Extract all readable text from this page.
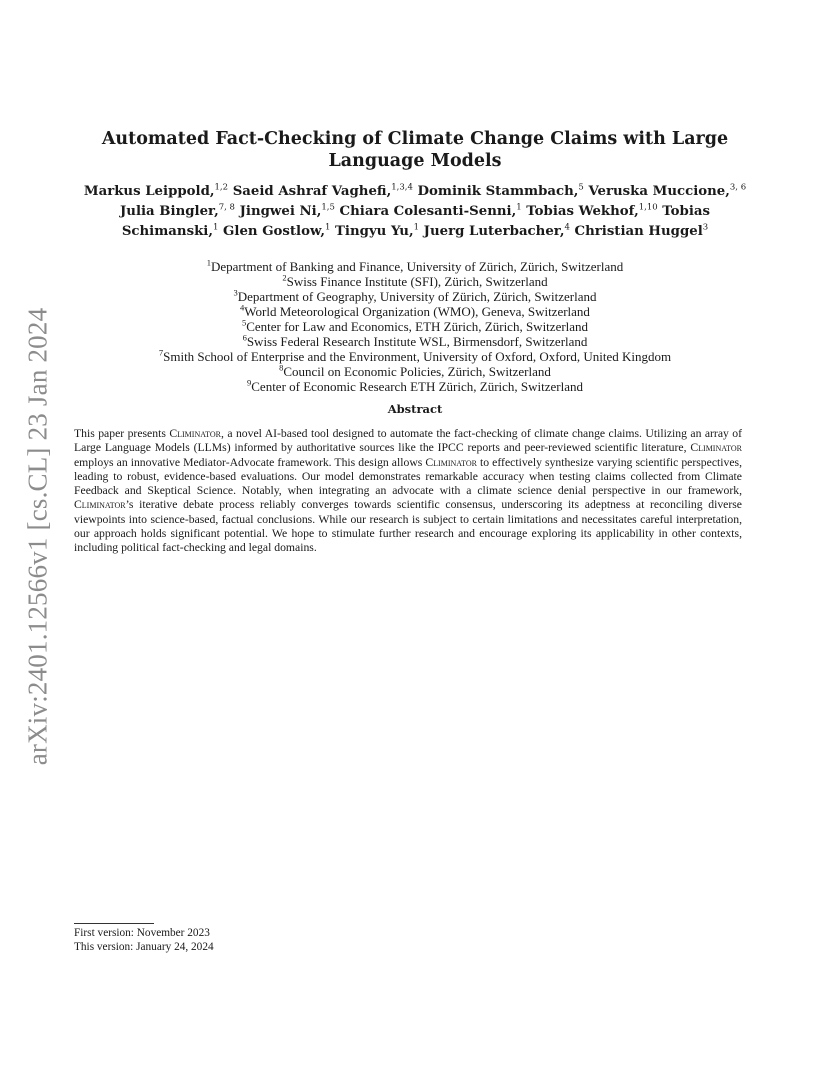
arXiv:2401.12566v1 [cs.CL] 23 Jan 2024
Automated Fact-Checking of Climate Change Claims with Large Language Models
Markus Leippold,$^{1,2}$ Saeid Ashraf Vaghefi,$^{1,3,4}$ Dominik Stammbach,$^5$ Veruska Muccione,$^{3, 6}$ Julia Bingler,$^{7, 8}$ Jingwei Ni,$^{1,5}$ Chiara Colesanti-Senni,$^1$ Tobias Wekhof,$^{1,10}$ Tobias Schimanski,$^1$ Glen Gostlow,$^1$ Tingyu Yu,$^1$ Juerg Luterbacher,$^4$ Christian Huggel$^3$
$^1$Department of Banking and Finance, University of Zürich, Zürich, Switzerland
$^2$Swiss Finance Institute (SFI), Zürich, Switzerland
$^3$Department of Geography, University of Zürich, Zürich, Switzerland
$^4$World Meteorological Organization (WMO), Geneva, Switzerland
$^5$Center for Law and Economics, ETH Zürich, Zürich, Switzerland
$^6$Swiss Federal Research Institute WSL, Birmensdorf, Switzerland
$^7$Smith School of Enterprise and the Environment, University of Oxford, Oxford, United Kingdom
$^8$Council on Economic Policies, Zürich, Switzerland
$^9$Center of Economic Research ETH Zürich, Zürich, Switzerland
Abstract

This paper presents Climinator, a novel AI-based tool designed to automate the fact-checking of climate change claims. Utilizing an array of Large Language Models (LLMs) informed by authoritative sources like the IPCC reports and peer-reviewed scientific literature, Climinator employs an innovative Mediator-Advocate framework. This design allows Climinator to effectively synthesize varying scientific perspectives, leading to robust, evidence-based evaluations. Our model demonstrates remarkable accuracy when testing claims collected from Climate Feedback and Skeptical Science. Notably, when integrating an advocate with a climate science denial perspective in our framework, Climinator’s iterative debate process reliably converges towards scientific consensus, underscoring its adeptness at reconciling diverse viewpoints into science-based, factual conclusions. While our research is subject to certain limitations and necessitates careful interpretation, our approach holds significant potential. We hope to stimulate further research and encourage exploring its applicability in other contexts, including political fact-checking and legal domains.

First version: November 2023
This version: January 24, 2024
